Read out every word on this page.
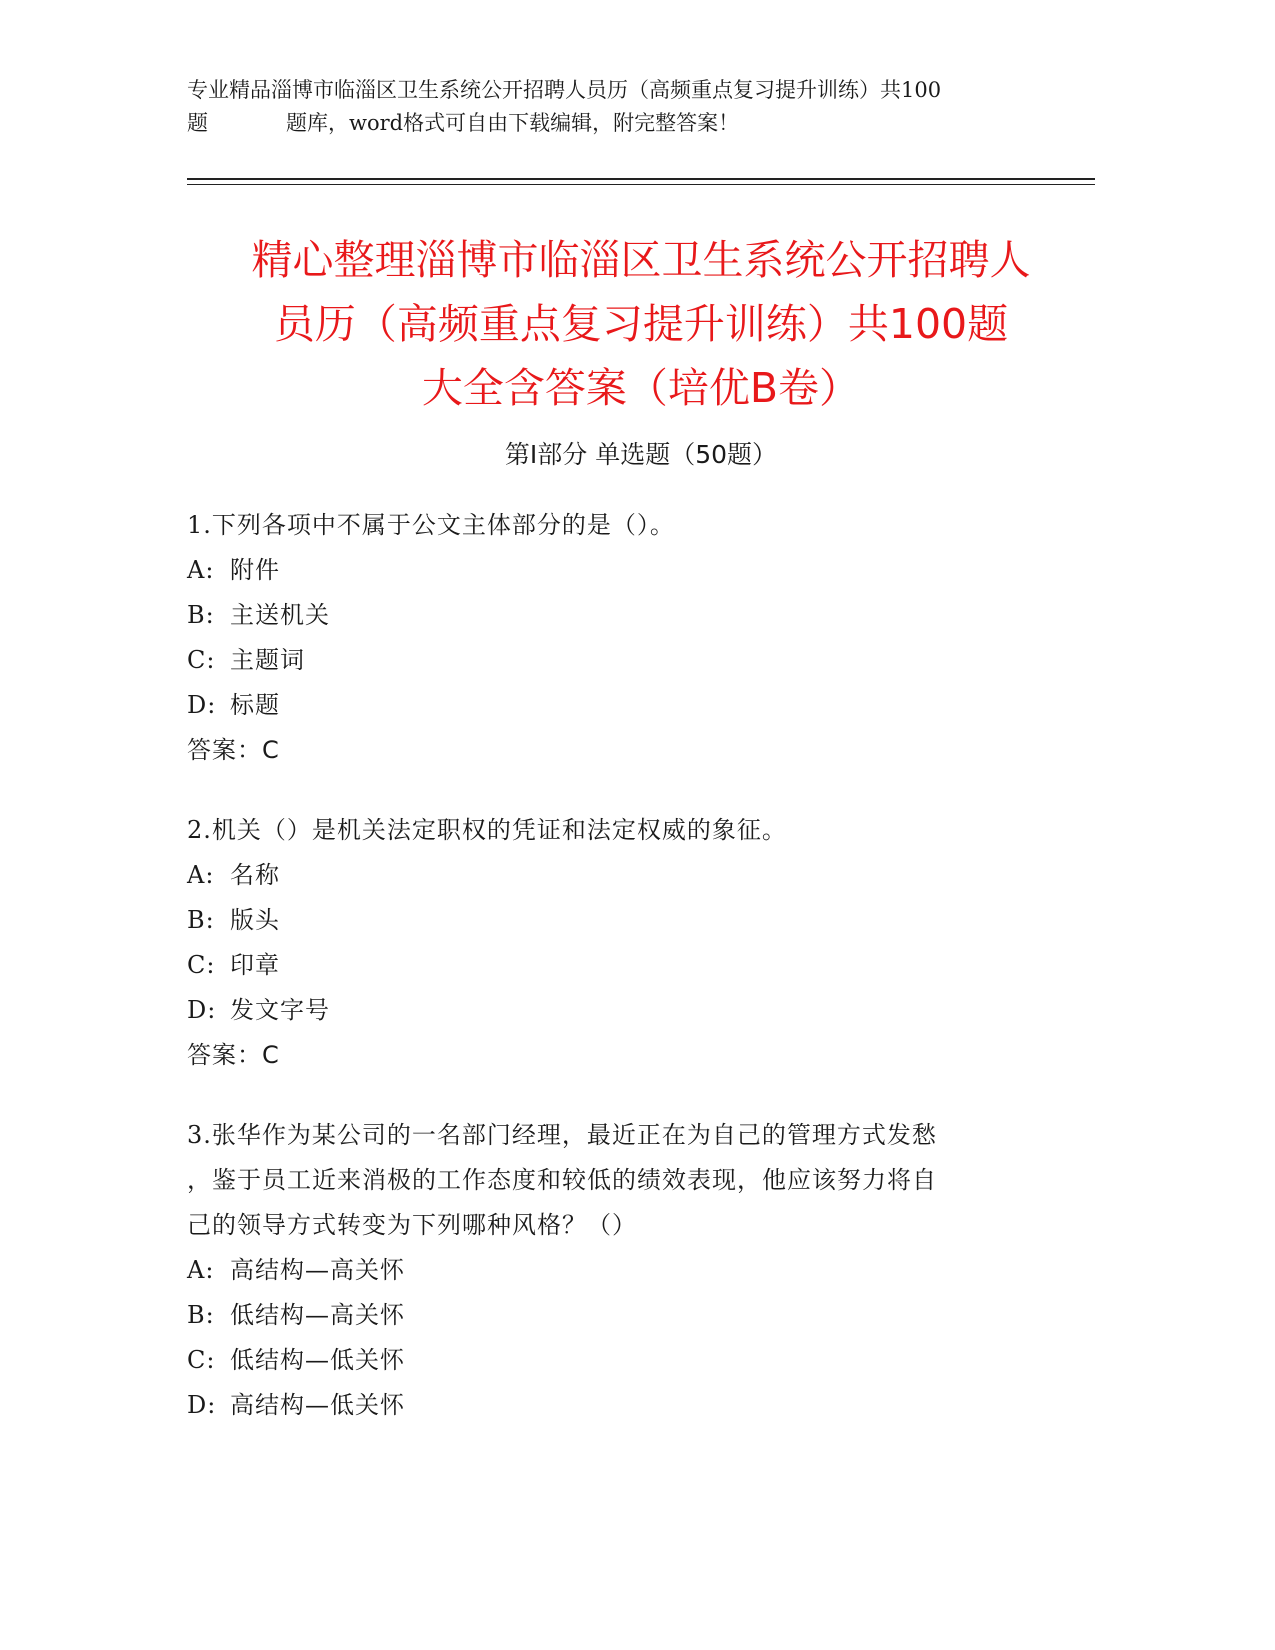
专业精品淄博市临淄区卫生系统公开招聘人员历（高频重点复习提升训练）共100
题	题库，word格式可自由下载编辑，附完整答案！
精心整理淄博市临淄区卫生系统公开招聘人
员历（高频重点复习提升训练）共100题
大全含答案（培优B卷）
第I部分 单选题（50题）
1.下列各项中不属于公文主体部分的是（）。
A: 附件
B: 主送机关
C: 主题词
D: 标题
答案：C
2.机关（）是机关法定职权的凭证和法定权威的象征。
A: 名称
B: 版头
C: 印章
D: 发文字号
答案：C
3.张华作为某公司的一名部门经理，最近正在为自己的管理方式发愁
，鉴于员工近来消极的工作态度和较低的绩效表现，他应该努力将自
己的领导方式转变为下列哪种风格？（）
A: 高结构—高关怀
B: 低结构—高关怀
C: 低结构—低关怀
D: 高结构—低关怀
